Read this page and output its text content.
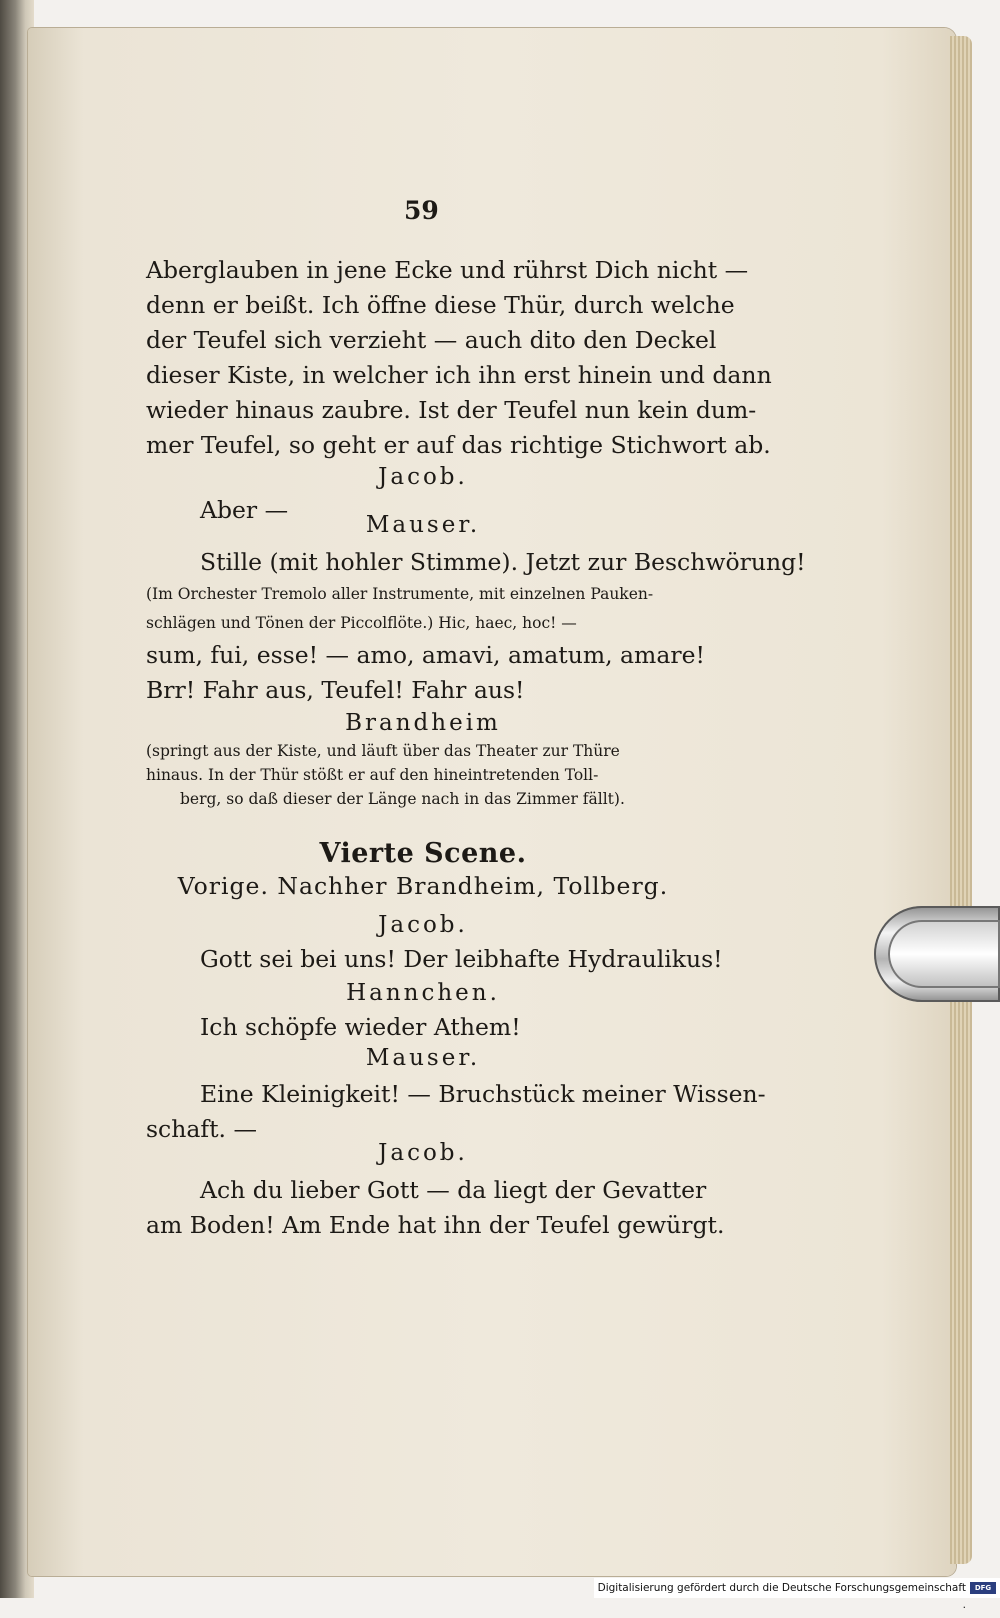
59
Aberglauben in jene Ecke und rührst Dich nicht —
denn er beißt. Ich öffne diese Thür, durch welche
der Teufel sich verzieht — auch dito den Deckel
dieser Kiste, in welcher ich ihn erst hinein und dann
wieder hinaus zaubre. Ist der Teufel nun kein dum-
mer Teufel, so geht er auf das richtige Stichwort ab.
Jacob.
Aber —
Mauser.
Stille (mit hohler Stimme). Jetzt zur Beschwörung!
(Im Orchester Tremolo aller Instrumente, mit einzelnen Pauken-
schlägen und Tönen der Piccolflöte.) Hic, haec, hoc! —
sum, fui, esse! — amo, amavi, amatum, amare!
Brr! Fahr aus, Teufel! Fahr aus!
Brandheim
(springt aus der Kiste, und läuft über das Theater zur Thüre
hinaus. In der Thür stößt er auf den hineintretenden Toll-
berg, so daß dieser der Länge nach in das Zimmer fällt).
Vierte Scene.
Vorige. Nachher Brandheim, Tollberg.
Jacob.
Gott sei bei uns! Der leibhafte Hydraulikus!
Hannchen.
Ich schöpfe wieder Athem!
Mauser.
Eine Kleinigkeit! — Bruchstück meiner Wissen-
schaft. —
Jacob.
Ach du lieber Gott — da liegt der Gevatter
am Boden! Am Ende hat ihn der Teufel gewürgt.
Digitalisierung gefördert durch die Deutsche Forschungsgemeinschaft ·
DFG
